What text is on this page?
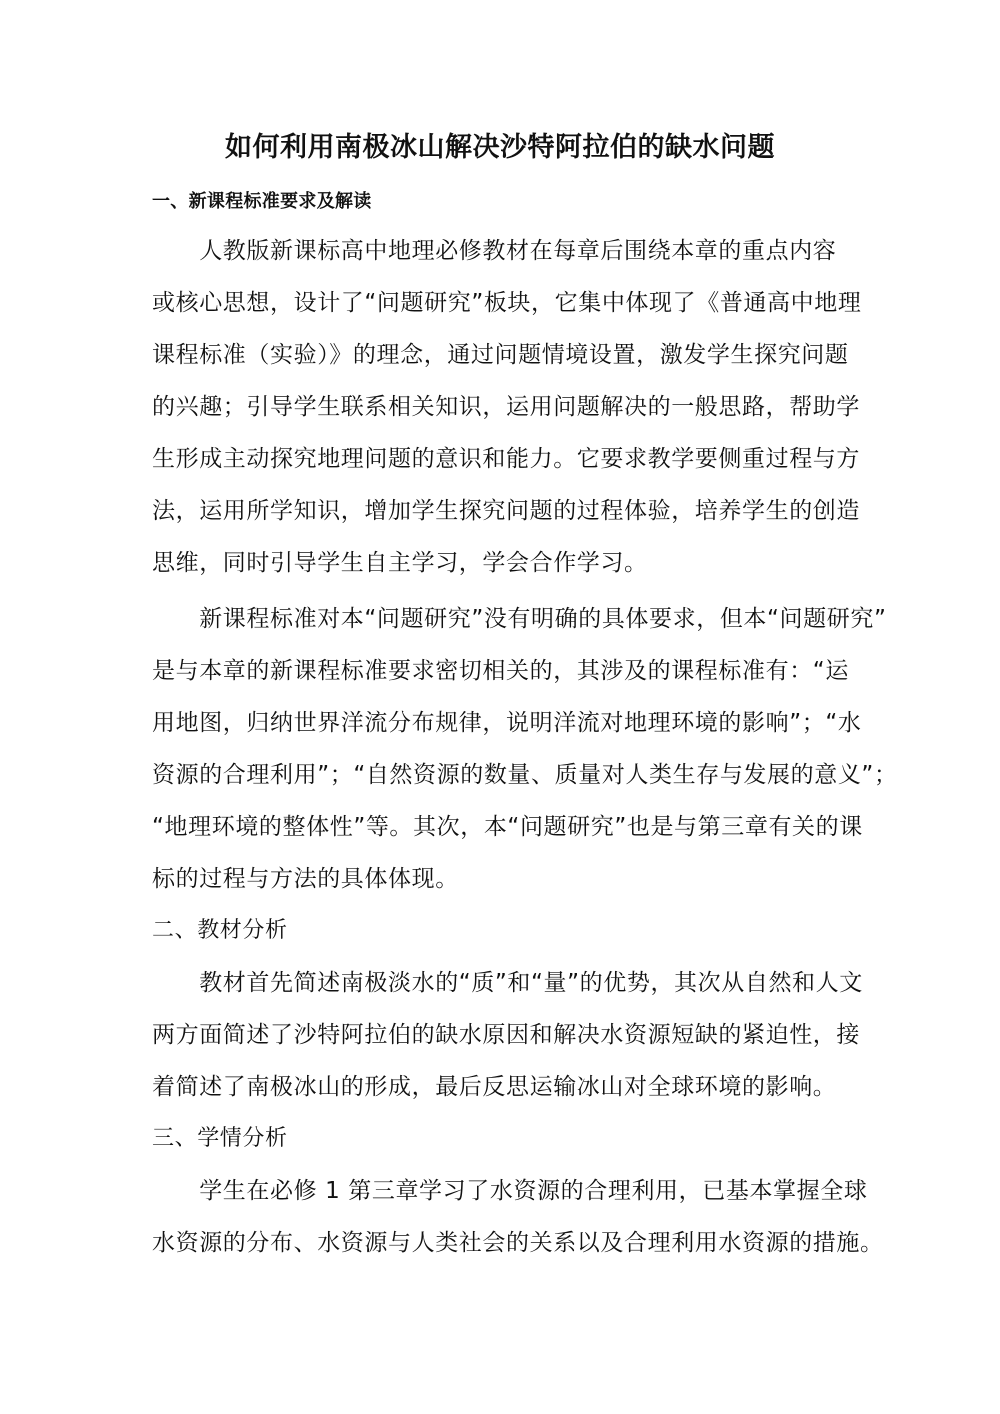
如何利用南极冰山解决沙特阿拉伯的缺水问题
一、新课程标准要求及解读
　　人教版新课标高中地理必修教材在每章后围绕本章的重点内容
或核心思想，设计了“问题研究”板块，它集中体现了《普通高中地理
课程标准（实验）》的理念，通过问题情境设置，激发学生探究问题
的兴趣；引导学生联系相关知识，运用问题解决的一般思路，帮助学
生形成主动探究地理问题的意识和能力。它要求教学要侧重过程与方
法，运用所学知识，增加学生探究问题的过程体验，培养学生的创造
思维，同时引导学生自主学习，学会合作学习。
　　新课程标准对本“问题研究”没有明确的具体要求，但本“问题研究”
是与本章的新课程标准要求密切相关的，其涉及的课程标准有：“运
用地图，归纳世界洋流分布规律，说明洋流对地理环境的影响”；“水
资源的合理利用”；“自然资源的数量、质量对人类生存与发展的意义”；
“地理环境的整体性”等。其次，本“问题研究”也是与第三章有关的课
标的过程与方法的具体体现。
二、教材分析
　　教材首先简述南极淡水的“质”和“量”的优势，其次从自然和人文
两方面简述了沙特阿拉伯的缺水原因和解决水资源短缺的紧迫性，接
着简述了南极冰山的形成，最后反思运输冰山对全球环境的影响。
三、学情分析
　　学生在必修 1 第三章学习了水资源的合理利用，已基本掌握全球
水资源的分布、水资源与人类社会的关系以及合理利用水资源的措施。
